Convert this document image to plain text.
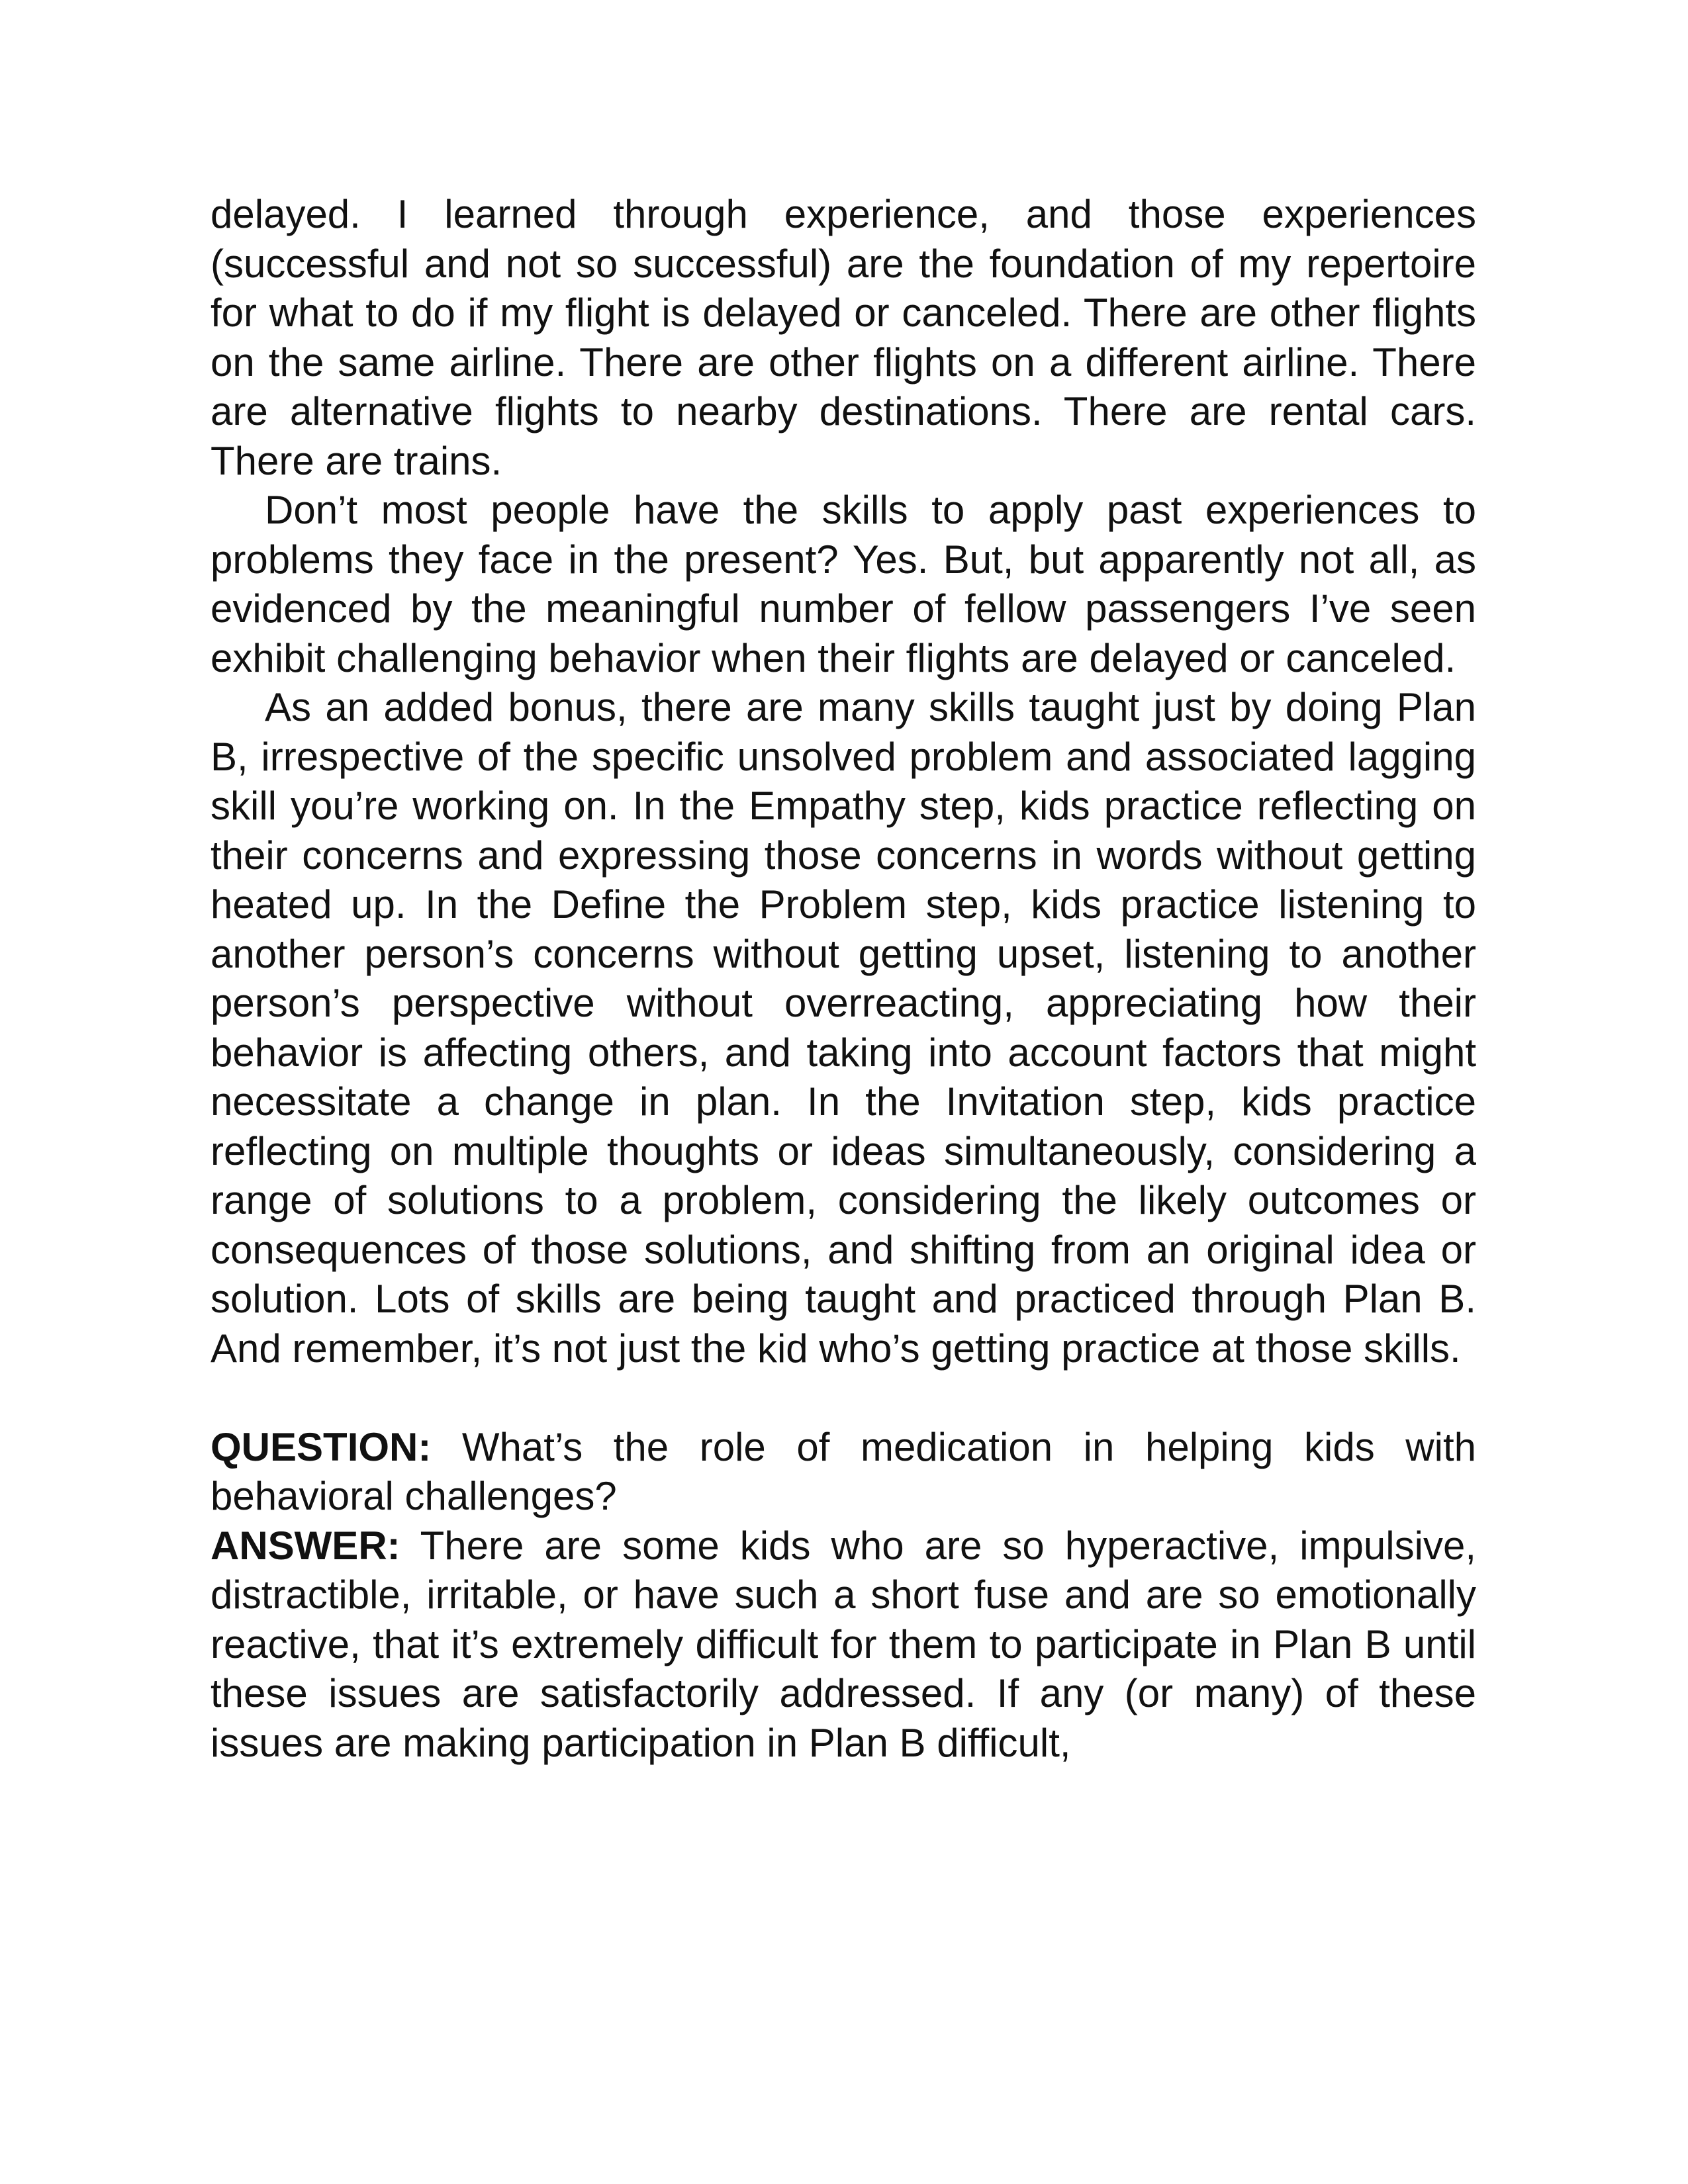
delayed. I learned through experience, and those experiences (successful and not so successful) are the foundation of my repertoire for what to do if my flight is delayed or canceled. There are other flights on the same airline. There are other flights on a different airline. There are alternative flights to nearby destinations. There are rental cars. There are trains.

Don’t most people have the skills to apply past experiences to problems they face in the present? Yes. But, but apparently not all, as evidenced by the meaningful number of fellow passengers I’ve seen exhibit challenging behavior when their flights are delayed or canceled.

As an added bonus, there are many skills taught just by doing Plan B, irrespective of the specific unsolved problem and associated lagging skill you’re working on. In the Empathy step, kids practice reflecting on their concerns and expressing those concerns in words without getting heated up. In the Define the Problem step, kids practice listening to another person’s concerns without getting upset, listening to another person’s perspective without overreacting, appreciating how their behavior is affecting others, and taking into account factors that might necessitate a change in plan. In the Invitation step, kids practice reflecting on multiple thoughts or ideas simultaneously, considering a range of solutions to a problem, considering the likely outcomes or consequences of those solutions, and shifting from an original idea or solution. Lots of skills are being taught and practiced through Plan B. And remember, it’s not just the kid who’s getting practice at those skills.

QUESTION: What’s the role of medication in helping kids with behavioral challenges?

ANSWER: There are some kids who are so hyperactive, impulsive, distractible, irritable, or have such a short fuse and are so emotionally reactive, that it’s extremely difficult for them to participate in Plan B until these issues are satisfactorily addressed. If any (or many) of these issues are making participation in Plan B difficult,
